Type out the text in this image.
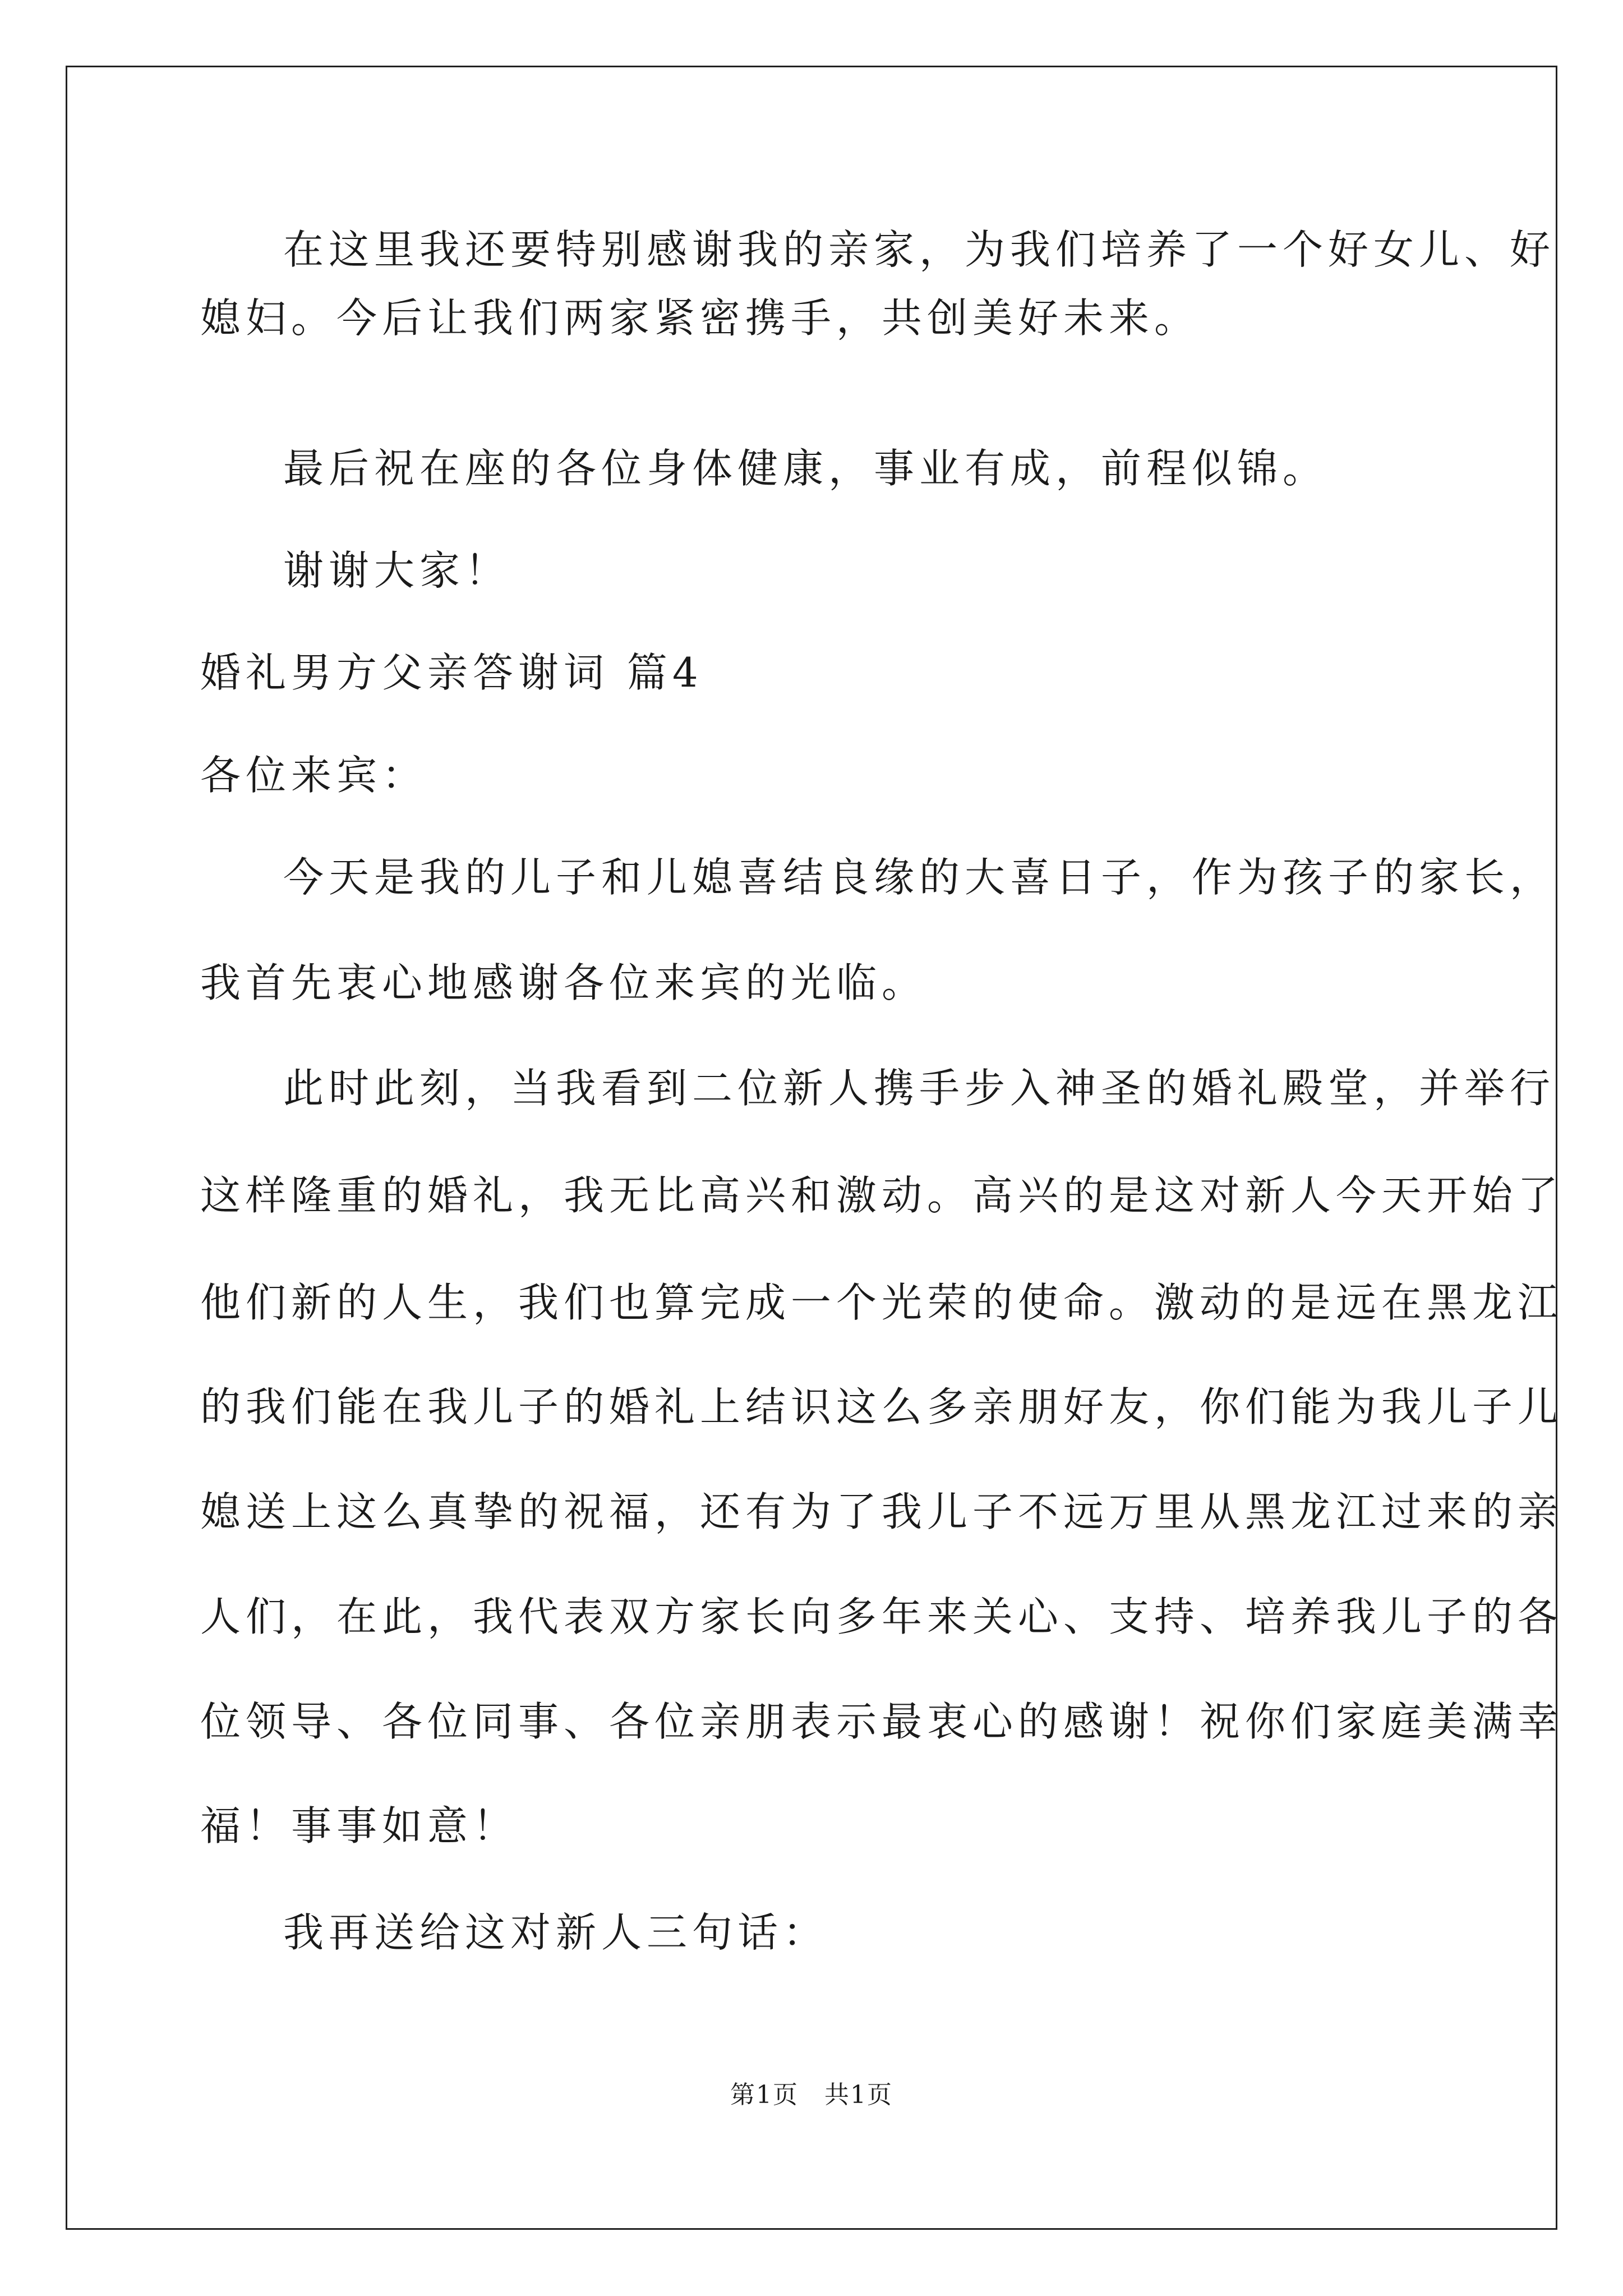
在这里我还要特别感谢我的亲家，为我们培养了一个好女儿、好
媳妇。今后让我们两家紧密携手，共创美好未来。
最后祝在座的各位身体健康，事业有成，前程似锦。
谢谢大家！
婚礼男方父亲答谢词 篇4
各位来宾：
今天是我的儿子和儿媳喜结良缘的大喜日子，作为孩子的家长，
我首先衷心地感谢各位来宾的光临。
此时此刻，当我看到二位新人携手步入神圣的婚礼殿堂，并举行
这样隆重的婚礼，我无比高兴和激动。高兴的是这对新人今天开始了
他们新的人生，我们也算完成一个光荣的使命。激动的是远在黑龙江
的我们能在我儿子的婚礼上结识这么多亲朋好友，你们能为我儿子儿
媳送上这么真挚的祝福，还有为了我儿子不远万里从黑龙江过来的亲
人们，在此，我代表双方家长向多年来关心、支持、培养我儿子的各
位领导、各位同事、各位亲朋表示最衷心的感谢！祝你们家庭美满幸
福！事事如意！
我再送给这对新人三句话：
第1页　共1页
